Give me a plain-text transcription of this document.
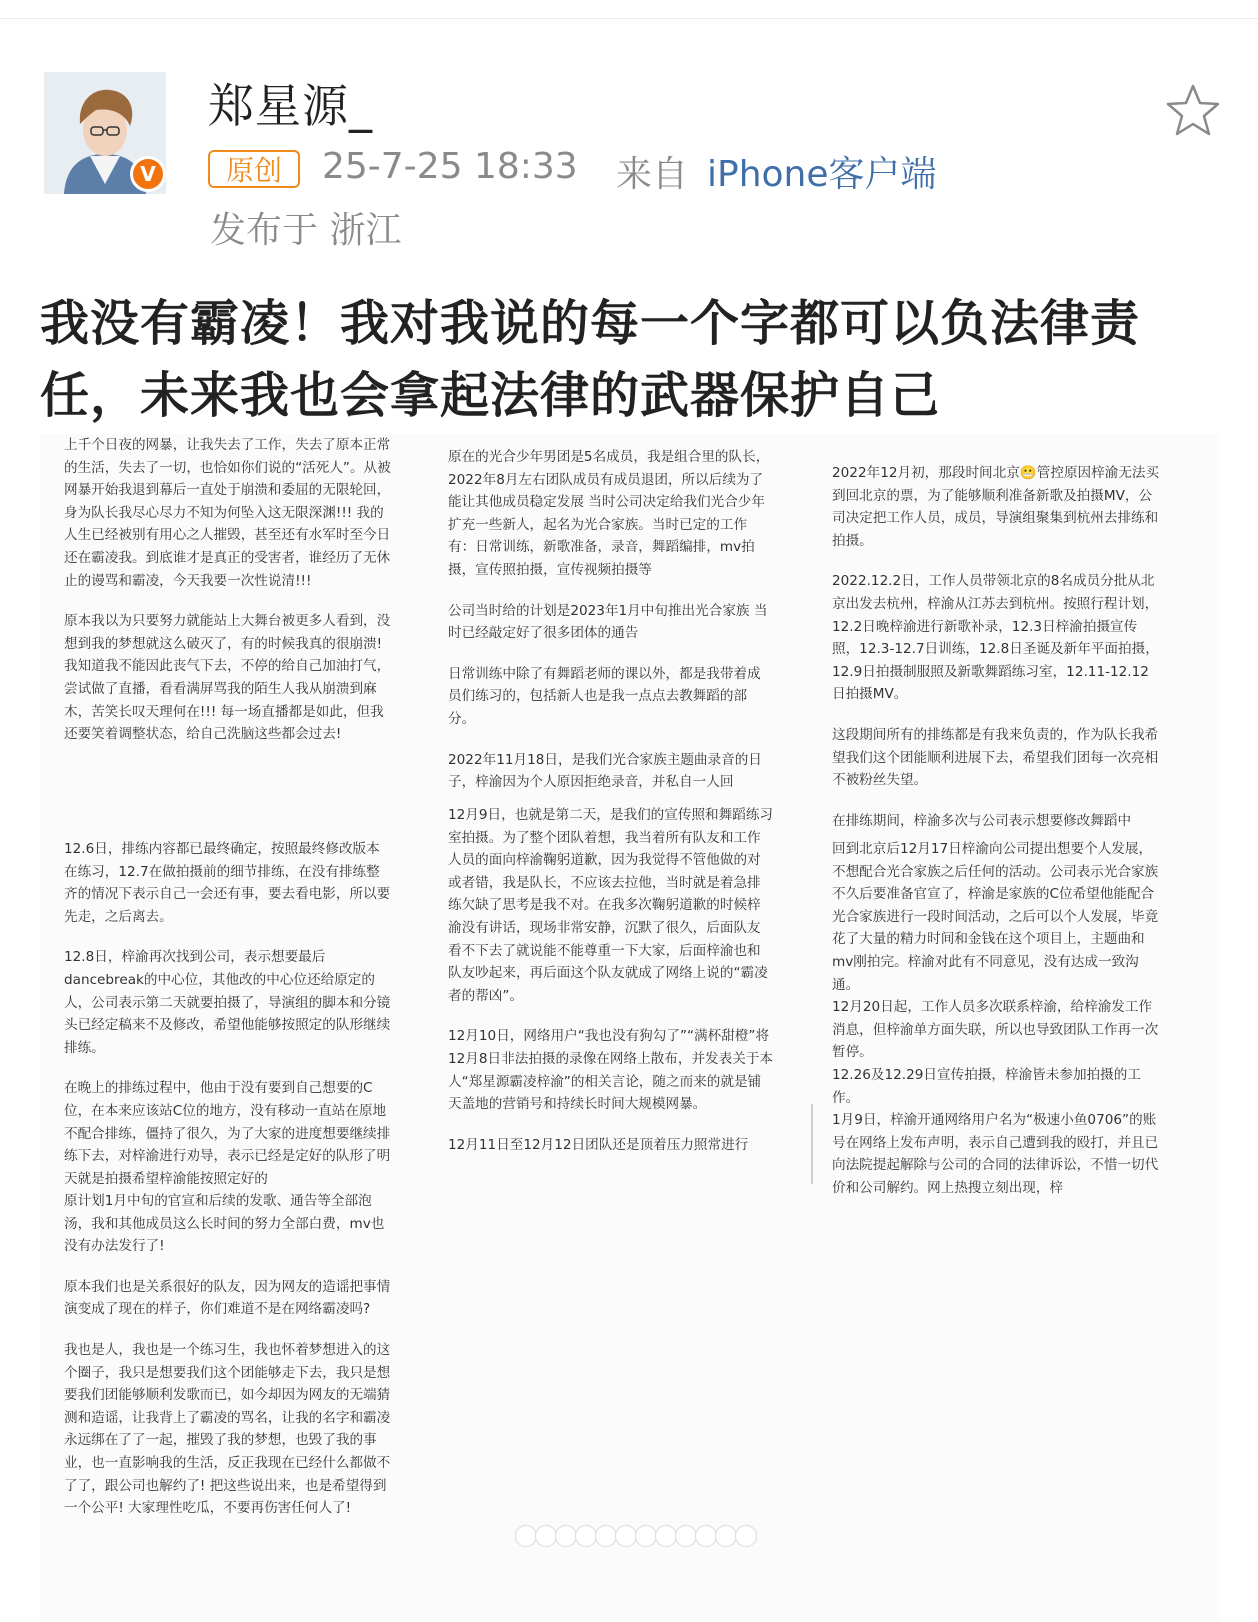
V
郑星源_
原创	25-7-25 18:33 来自 iPhone客户端
发布于 浙江
我没有霸凌！我对我说的每一个字都可以负法律责任，未来我也会拿起法律的武器保护自己

上千个日夜的网暴，让我失去了工作，失去了原本正常的生活，失去了一切，也恰如你们说的“活死人”。从被网暴开始我退到幕后一直处于崩溃和委屈的无限轮回，身为队长我尽心尽力不知为何坠入这无限深渊!!! 我的人生已经被别有用心之人摧毁，甚至还有水军时至今日还在霸凌我。到底谁才是真正的受害者，谁经历了无休止的谩骂和霸凌，今天我要一次性说清!!!

原本我以为只要努力就能站上大舞台被更多人看到，没想到我的梦想就这么破灭了，有的时候我真的很崩溃! 我知道我不能因此丧气下去，不停的给自己加油打气，尝试做了直播，看看满屏骂我的陌生人我从崩溃到麻木，苦笑长叹天理何在!!! 每一场直播都是如此，但我还要笑着调整状态，给自己洗脑这些都会过去!

12.6日，排练内容都已最终确定，按照最终修改版本在练习，12.7在做拍摄前的细节排练，在没有排练整齐的情况下表示自己一会还有事，要去看电影，所以要先走，之后离去。

12.8日，梓渝再次找到公司，表示想要最后dancebreak的中心位，其他改的中心位还给原定的人，公司表示第二天就要拍摄了，导演组的脚本和分镜头已经定稿来不及修改，希望他能够按照定的队形继续排练。

在晚上的排练过程中，他由于没有要到自己想要的C位，在本来应该站C位的地方，没有移动一直站在原地不配合排练，僵持了很久，为了大家的进度想要继续排练下去，对梓渝进行劝导，表示已经是定好的队形了明天就是拍摄希望梓渝能按照定好的

原计划1月中旬的官宣和后续的发歌、通告等全部泡汤，我和其他成员这么长时间的努力全部白费，mv也没有办法发行了!

原本我们也是关系很好的队友，因为网友的造谣把事情演变成了现在的样子，你们难道不是在网络霸凌吗?

我也是人，我也是一个练习生，我也怀着梦想进入的这个圈子，我只是想要我们这个团能够走下去，我只是想要我们团能够顺利发歌而已，如今却因为网友的无端猜测和造谣，让我背上了霸凌的骂名，让我的名字和霸凌永远绑在了了一起，摧毁了我的梦想，也毁了我的事业，也一直影响我的生活，反正我现在已经什么都做不了了，跟公司也解约了! 把这些说出来，也是希望得到一个公平! 大家理性吃瓜，不要再伤害任何人了!

原在的光合少年男团是5名成员，我是组合里的队长，2022年8月左右团队成员有成员退团，所以后续为了能让其他成员稳定发展 当时公司决定给我们光合少年扩充一些新人，起名为光合家族。当时已定的工作有：日常训练，新歌准备，录音，舞蹈编排，mv拍摄，宣传照拍摄，宣传视频拍摄等

公司当时给的计划是2023年1月中旬推出光合家族 当时已经敲定好了很多团体的通告

日常训练中除了有舞蹈老师的课以外，都是我带着成员们练习的，包括新人也是我一点点去教舞蹈的部分。

2022年11月18日，是我们光合家族主题曲录音的日子，梓渝因为个人原因拒绝录音，并私自一人回

12月9日，也就是第二天，是我们的宣传照和舞蹈练习室拍摄。为了整个团队着想，我当着所有队友和工作人员的面向梓渝鞠躬道歉，因为我觉得不管他做的对或者错，我是队长，不应该去拉他，当时就是着急排练欠缺了思考是我不对。在我多次鞠躬道歉的时候梓渝没有讲话，现场非常安静，沉默了很久，后面队友看不下去了就说能不能尊重一下大家，后面梓渝也和队友吵起来，再后面这个队友就成了网络上说的“霸凌者的帮凶”。

12月10日，网络用户“我也没有狗勾了”“满杯甜橙”将12月8日非法拍摄的录像在网络上散布，并发表关于本人“郑星源霸凌梓渝”的相关言论，随之而来的就是铺天盖地的营销号和持续长时间大规模网暴。

12月11日至12月12日团队还是顶着压力照常进行

2022年12月初，那段时间北京😬管控原因梓渝无法买到回北京的票，为了能够顺利准备新歌及拍摄MV，公司决定把工作人员，成员，导演组聚集到杭州去排练和拍摄。

2022.12.2日，工作人员带领北京的8名成员分批从北京出发去杭州，梓渝从江苏去到杭州。按照行程计划，12.2日晚梓渝进行新歌补录，12.3日梓渝拍摄宣传照，12.3-12.7日训练，12.8日圣诞及新年平面拍摄，12.9日拍摄制服照及新歌舞蹈练习室，12.11-12.12日拍摄MV。

这段期间所有的排练都是有我来负责的，作为队长我希望我们这个团能顺利进展下去，希望我们团每一次亮相不被粉丝失望。

在排练期间，梓渝多次与公司表示想要修改舞蹈中

回到北京后12月17日梓渝向公司提出想要个人发展，不想配合光合家族之后任何的活动。公司表示光合家族不久后要准备官宣了，梓渝是家族的C位希望他能配合光合家族进行一段时间活动，之后可以个人发展，毕竟花了大量的精力时间和金钱在这个项目上，主题曲和mv刚拍完。梓渝对此有不同意见，没有达成一致沟通。

12月20日起，工作人员多次联系梓渝，给梓渝发工作消息，但梓渝单方面失联，所以也导致团队工作再一次暂停。

12.26及12.29日宣传拍摄，梓渝皆未参加拍摄的工作。

1月9日，梓渝开通网络用户名为“极速小鱼0706”的账号在网络上发布声明，表示自己遭到我的殴打，并且已向法院提起解除与公司的合同的法律诉讼，不惜一切代价和公司解约。网上热搜立刻出现，梓
